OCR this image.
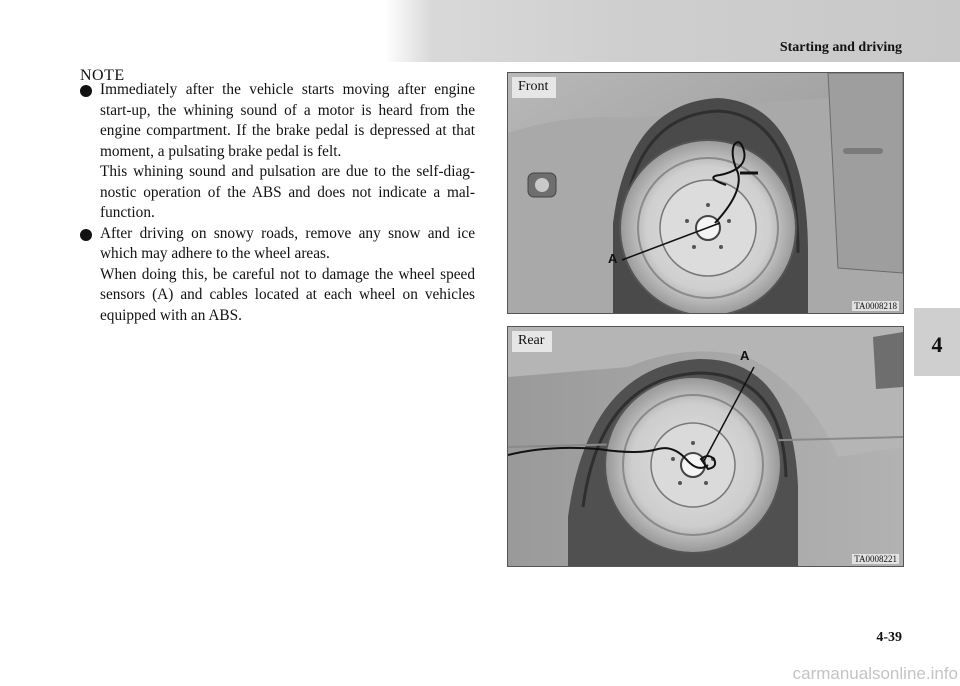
Starting and driving
NOTE

Immediately after the vehicle starts moving after engine start-up, the whining sound of a motor is heard from the engine compartment. If the brake pedal is depressed at that moment, a pulsating brake pedal is felt.

This whining sound and pulsation are due to the self-diag-nostic operation of the ABS and does not indicate a mal-function.

After driving on snowy roads, remove any snow and ice which may adhere to the wheel areas.

When doing this, be careful not to damage the wheel speed sensors (A) and cables located at each wheel on vehicles equipped with an ABS.

Front
A
TA0008218
Rear
A
TA0008221
4
4-39
carmanualsonline.info
